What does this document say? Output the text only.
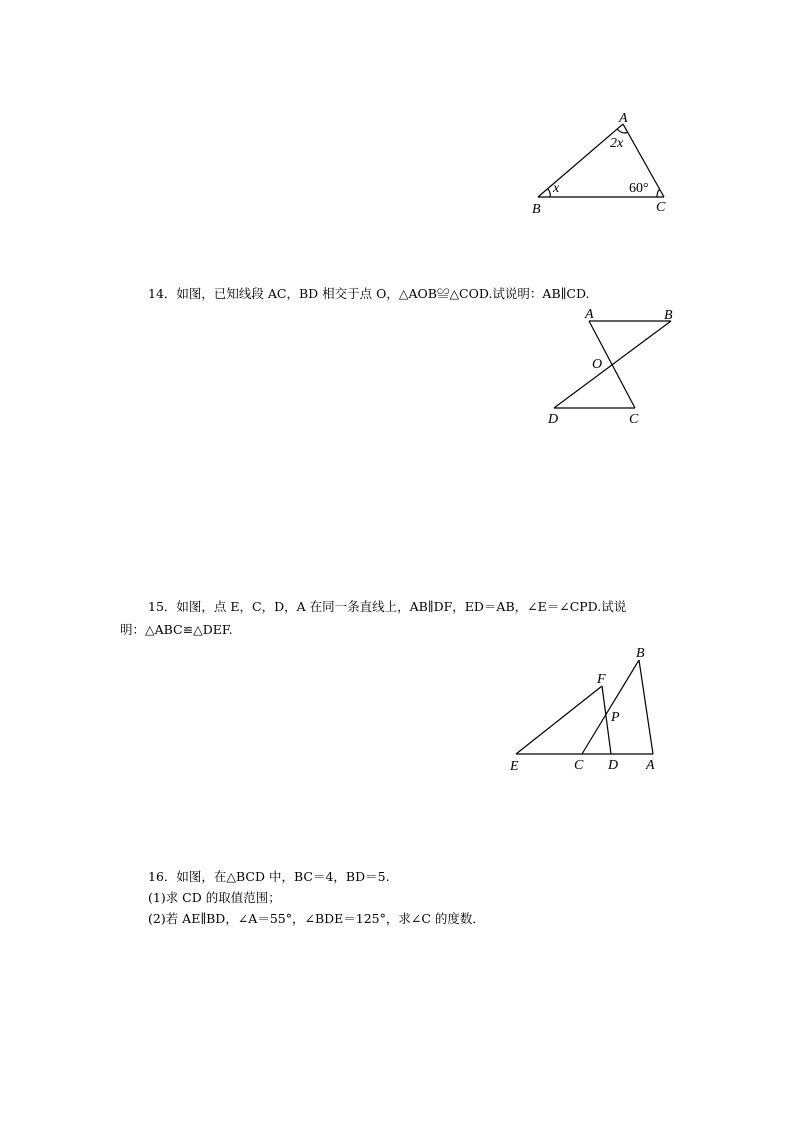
A
B	C
2x
x	60°
14．如图，已知线段 AC，BD 相交于点 O，△AOB≌△COD.试说明：AB∥CD.
A	B
O
D	C
15．如图，点 E，C，D，A 在同一条直线上，AB∥DF，ED＝AB，∠E＝∠CPD.试说
明：△ABC≌△DEF.
B
F
P
E	C D A
16．如图，在△BCD 中，BC＝4，BD＝5.
(1)求 CD 的取值范围；
(2)若 AE∥BD，∠A＝55°，∠BDE＝125°，求∠C 的度数．
